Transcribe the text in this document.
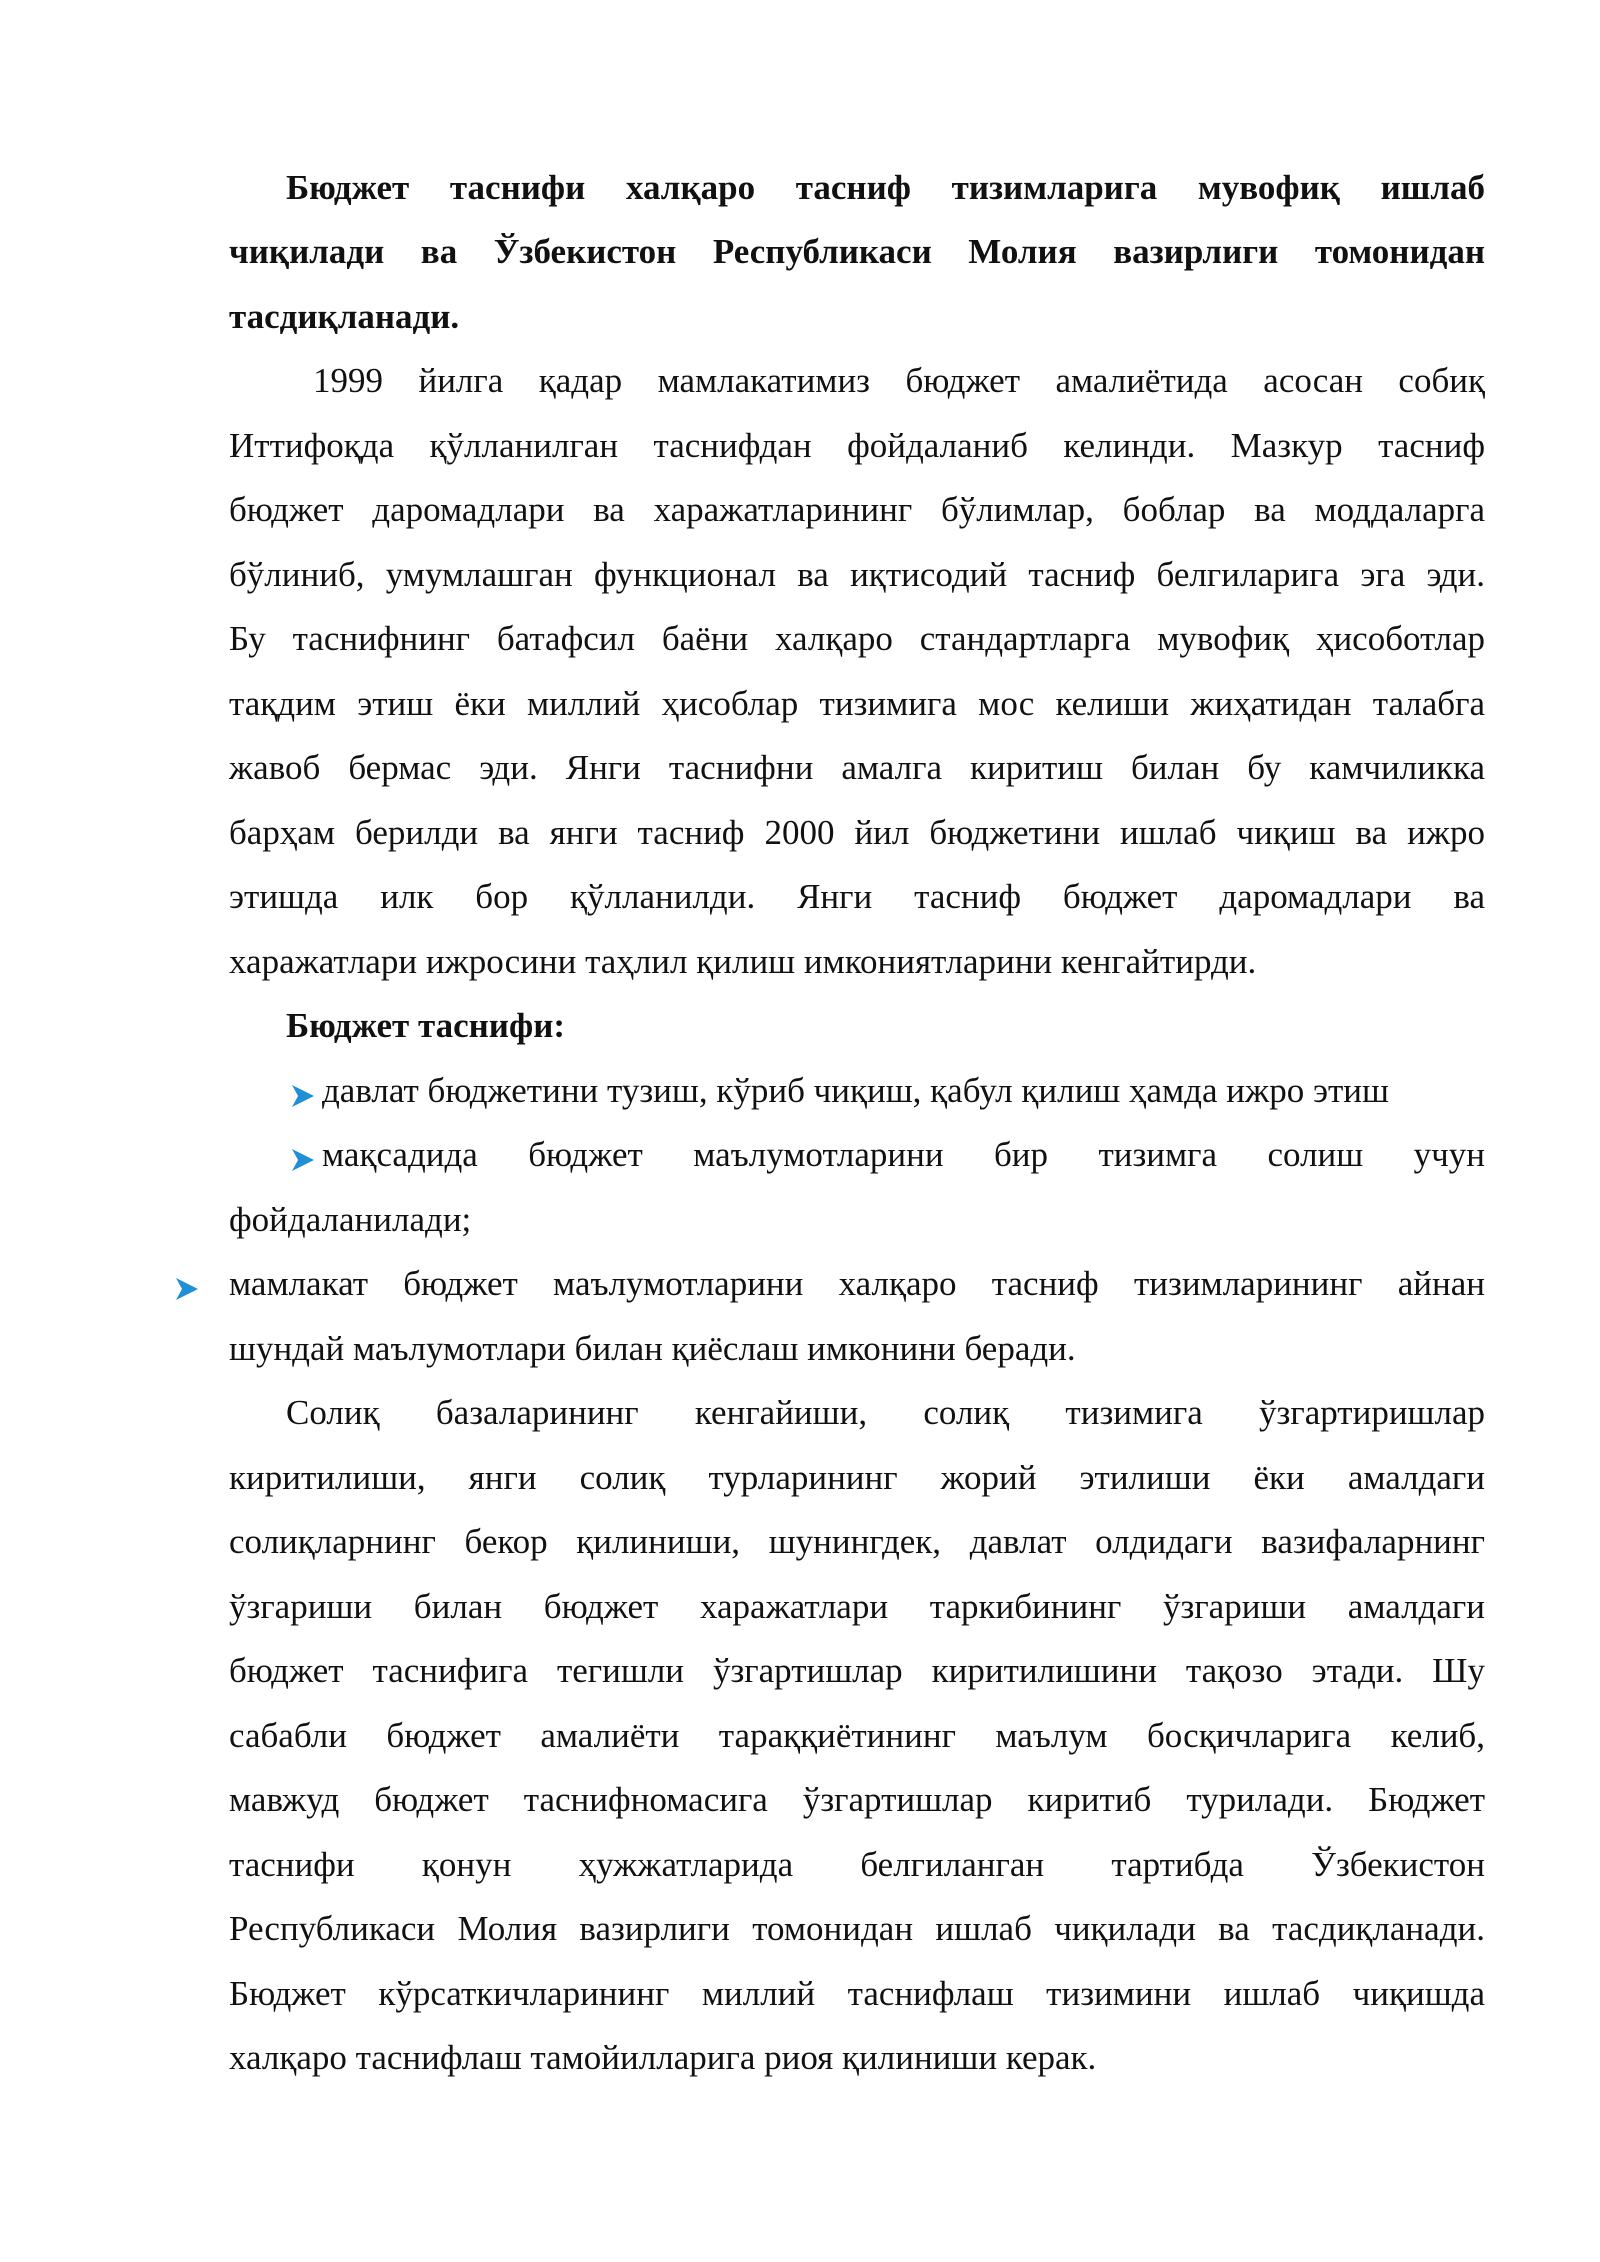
Бюджет таснифи халқаро тасниф тизимларига мувофиқ ишлаб
чиқилади ва Ўзбекистон Республикаси Молия вазирлиги томонидан
тасдиқланади.
1999 йилга қадар мамлакатимиз бюджет амалиётида асосан собиқ
Иттифоқда қўлланилган таснифдан фойдаланиб келинди. Мазкур тасниф
бюджет даромадлари ва харажатларининг бўлимлар, боблар ва моддаларга
бўлиниб, умумлашган функционал ва иқтисодий тасниф белгиларига эга эди.
Бу таснифнинг батафсил баёни халқаро стандартларга мувофиқ ҳисоботлар
тақдим этиш ёки миллий ҳисоблар тизимига мос келиши жиҳатидан талабга
жавоб бермас эди. Янги таснифни амалга киритиш билан бу камчиликка
барҳам берилди ва янги тасниф 2000 йил бюджетини ишлаб чиқиш ва ижро
этишда илк бор қўлланилди. Янги тасниф бюджет даромадлари ва
харажатлари ижросини таҳлил қилиш имкониятларини кенгайтирди.
Бюджет таснифи:
давлат бюджетини тузиш, кўриб чиқиш, қабул қилиш ҳамда ижро этиш
мақсадида бюджет маълумотларини бир тизимга солиш учун
фойдаланилади;
мамлакат бюджет маълумотларини халқаро тасниф тизимларининг айнан
шундай маълумотлари билан қиёслаш имконини беради.
Солиқ базаларининг кенгайиши, солиқ тизимига ўзгартиришлар
киритилиши, янги солиқ турларининг жорий этилиши ёки амалдаги
солиқларнинг бекор қилиниши, шунингдек, давлат олдидаги вазифаларнинг
ўзгариши билан бюджет харажатлари таркибининг ўзгариши амалдаги
бюджет таснифига тегишли ўзгартишлар киритилишини тақозо этади. Шу
сабабли бюджет амалиёти тараққиётининг маълум босқичларига келиб,
мавжуд бюджет таснифномасига ўзгартишлар киритиб турилади. Бюджет
таснифи қонун ҳужжатларида белгиланган тартибда Ўзбекистон
Республикаси Молия вазирлиги томонидан ишлаб чиқилади ва тасдиқланади.
Бюджет кўрсаткичларининг миллий таснифлаш тизимини ишлаб чиқишда
халқаро таснифлаш тамойилларига риоя қилиниши керак.
